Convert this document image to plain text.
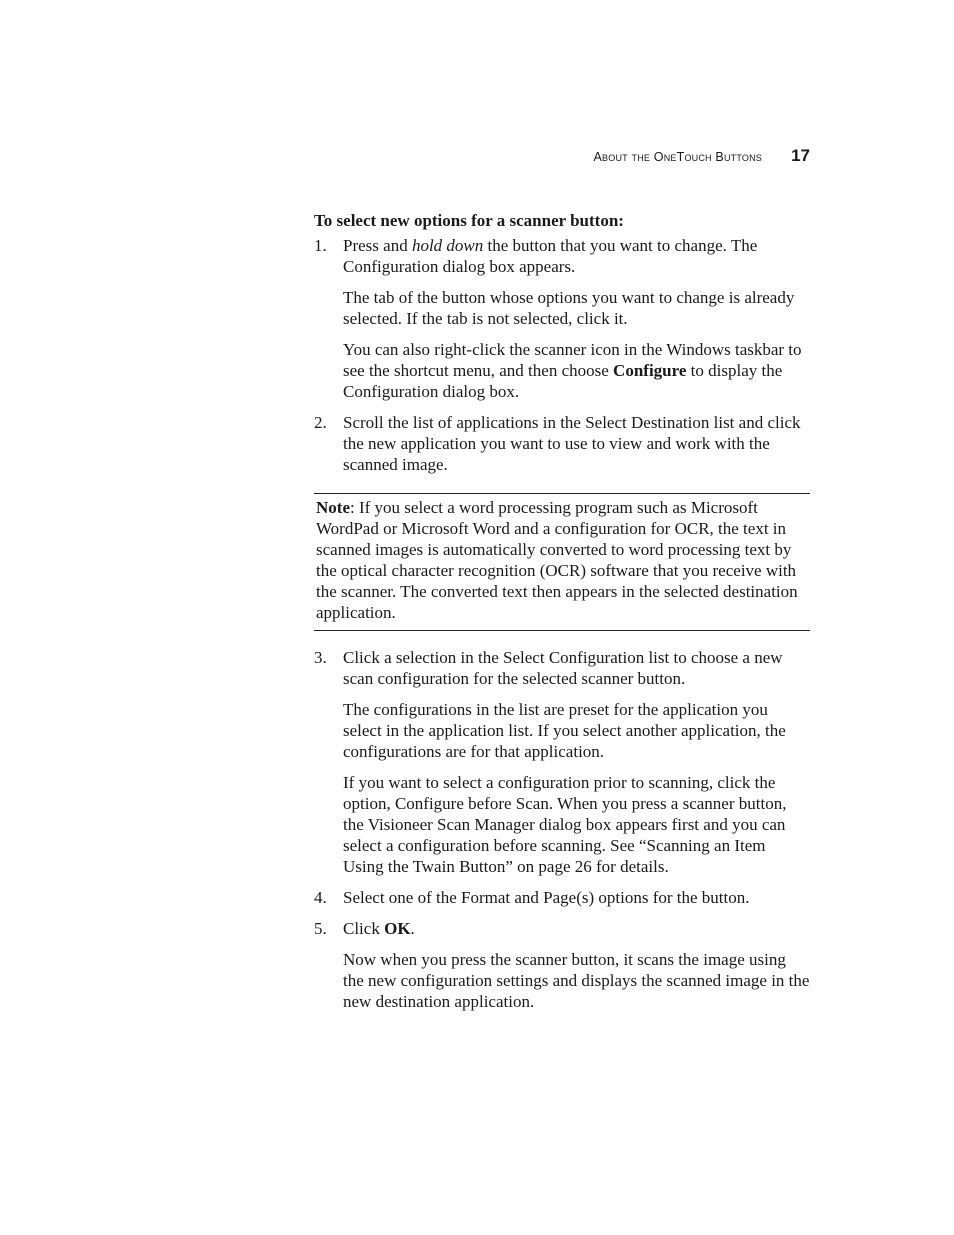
About the OneTouch Buttons 17

To select new options for a scanner button:

1. Press and hold down the button that you want to change. The Configuration dialog box appears.

The tab of the button whose options you want to change is already selected. If the tab is not selected, click it.

You can also right-click the scanner icon in the Windows taskbar to see the shortcut menu, and then choose Configure to display the Configuration dialog box.

2. Scroll the list of applications in the Select Destination list and click the new application you want to use to view and work with the scanned image.
Note: If you select a word processing program such as Microsoft WordPad or Microsoft Word and a configuration for OCR, the text in scanned images is automatically converted to word processing text by the optical character recognition (OCR) software that you receive with the scanner. The converted text then appears in the selected destination application.
3. Click a selection in the Select Configuration list to choose a new scan configuration for the selected scanner button.

The configurations in the list are preset for the application you select in the application list. If you select another application, the configurations are for that application.

If you want to select a configuration prior to scanning, click the option, Configure before Scan. When you press a scanner button, the Visioneer Scan Manager dialog box appears first and you can select a configuration before scanning. See “Scanning an Item Using the Twain Button” on page 26 for details.

4. Select one of the Format and Page(s) options for the button.
5. Click OK.

Now when you press the scanner button, it scans the image using the new configuration settings and displays the scanned image in the new destination application.
